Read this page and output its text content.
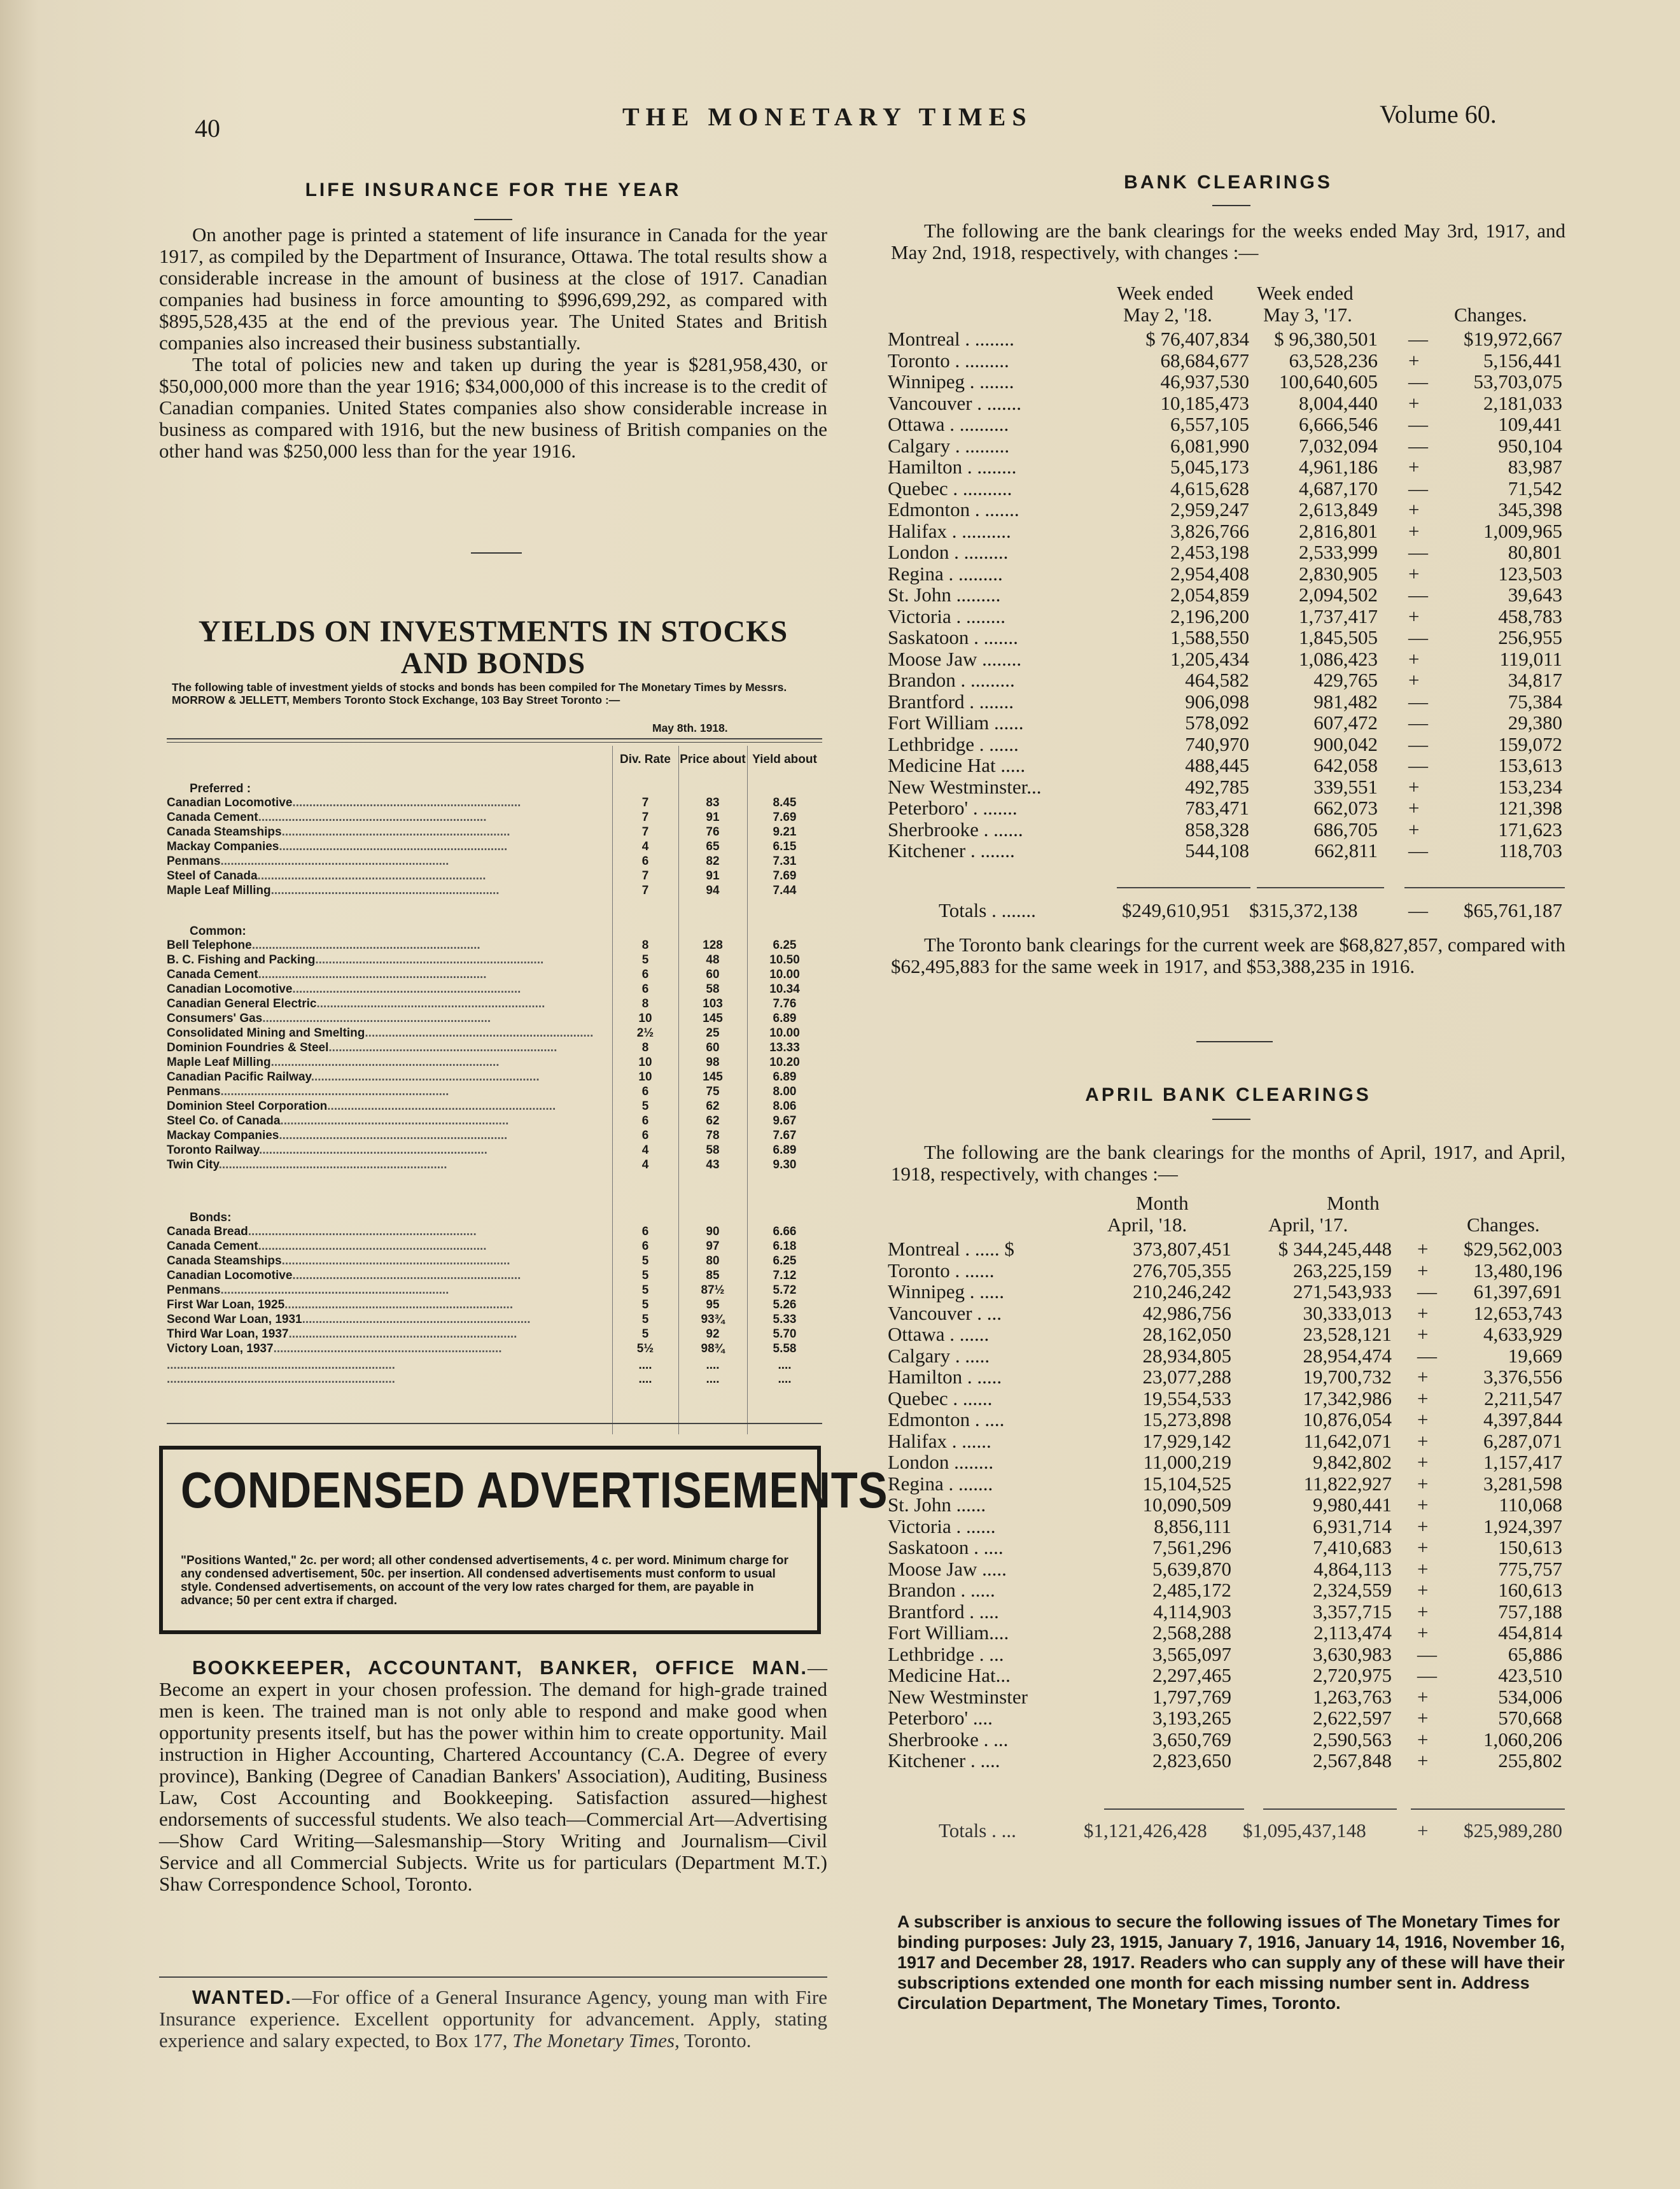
40	THE MONETARY TIMES	Volume 60.
LIFE INSURANCE FOR THE YEAR

On another page is printed a statement of life insurance in Canada for the year 1917, as compiled by the Department of Insurance, Ottawa. The total results show a considerable increase in the amount of business at the close of 1917. Canadian companies had business in force amounting to $996,699,292, as compared with $895,528,435 at the end of the previous year. The United States and British companies also increased their business substantially.

The total of policies new and taken up during the year is $281,958,430, or $50,000,000 more than the year 1916; $34,000,000 of this increase is to the credit of Canadian companies. United States companies also show considerable increase in business as compared with 1916, but the new business of British companies on the other hand was $250,000 less than for the year 1916.

YIELDS ON INVESTMENTS IN STOCKS
AND BONDS
The following table of investment yields of stocks and bonds has been compiled for The Monetary Times by Messrs. MORROW & JELLETT, Members Toronto Stock Exchange, 103 Bay Street Toronto :—
May 8th. 1918.
Div. Rate Price about Yield about
Preferred :
Canadian Locomotive....................................................................	7	83	8.45
Canada Cement....................................................................	7	91	7.69
Canada Steamships....................................................................	7	76	9.21
Mackay Companies....................................................................	4	65	6.15
Penmans....................................................................	6	82	7.31
Steel of Canada....................................................................	7	91	7.69
Maple Leaf Milling....................................................................	7	94	7.44
Common:
Bell Telephone....................................................................	8	128	6.25
B. C. Fishing and Packing....................................................................	5	48	10.50
Canada Cement....................................................................	6	60	10.00
Canadian Locomotive....................................................................	6	58	10.34
Canadian General Electric....................................................................	8	103	7.76
Consumers' Gas....................................................................	10	145	6.89
Consolidated Mining and Smelting....................................................................	2½	25	10.00
Dominion Foundries & Steel....................................................................	8	60	13.33
Maple Leaf Milling....................................................................	10	98	10.20
Canadian Pacific Railway....................................................................	10	145	6.89
Penmans....................................................................	6	75	8.00
Dominion Steel Corporation....................................................................	5	62	8.06
Steel Co. of Canada....................................................................	6	62	9.67
Mackay Companies....................................................................	6	78	7.67
Toronto Railway....................................................................	4	58	6.89
Twin City....................................................................	4	43	9.30
Bonds:
Canada Bread....................................................................	6	90	6.66
Canada Cement....................................................................	6	97	6.18
Canada Steamships....................................................................	5	80	6.25
Canadian Locomotive....................................................................	5	85	7.12
Penmans....................................................................	5	87½	5.72
First War Loan, 1925....................................................................	5	95	5.26
Second War Loan, 1931....................................................................	5	93¾	5.33
Third War Loan, 1937....................................................................	5	92	5.70
Victory Loan, 1937....................................................................	5½	98¾	5.58
....................................................................
....................................................................
....	....	....
....	....	....
CONDENSED ADVERTISEMENTS
"Positions Wanted," 2c. per word; all other condensed advertisements, 4 c. per word. Minimum charge for any condensed advertisement, 50c. per insertion. All condensed advertisements must conform to usual style. Condensed advertisements, on account of the very low rates charged for them, are payable in advance; 50 per cent extra if charged.

BOOKKEEPER, ACCOUNTANT, BANKER, OFFICE MAN.—Become an expert in your chosen profession. The demand for high-grade trained men is keen. The trained man is not only able to respond and make good when opportunity presents itself, but has the power within him to create opportunity. Mail instruction in Higher Accounting, Chartered Accountancy (C.A. Degree of every province), Banking (Degree of Canadian Bankers' Association), Auditing, Business Law, Cost Accounting and Bookkeeping. Satisfaction assured—highest endorsements of successful students. We also teach—Commercial Art—Advertising—Show Card Writing—Salesmanship—Story Writing and Journalism—Civil Service and all Commercial Subjects. Write us for particulars (Department M.T.) Shaw Correspondence School, Toronto.

WANTED.—For office of a General Insurance Agency, young man with Fire Insurance experience. Excellent opportunity for advancement. Apply, stating experience and salary expected, to Box 177, The Monetary Times, Toronto.

BANK CLEARINGS

The following are the bank clearings for the weeks ended May 3rd, 1917, and May 2nd, 1918, respectively, with changes :—

Week ended Week ended
May 2, '18.	May 3, '17.	Changes.
Montreal . ........	$ 76,407,834 $ 96,380,501 — $19,972,667
Toronto . .........	68,684,677 63,528,236 +	5,156,441
Winnipeg . .......	46,937,530 100,640,605 — 53,703,075
Vancouver . .......	10,185,473	8,004,440 +	2,181,033
Ottawa . ..........	6,557,105	6,666,546 —	109,441
Calgary . .........	6,081,990	7,032,094 —	950,104
Hamilton . ........	5,045,173	4,961,186 +	83,987
Quebec . ..........	4,615,628	4,687,170 —	71,542
Edmonton . .......	2,959,247	2,613,849 +	345,398
Halifax . ..........	3,826,766	2,816,801 +	1,009,965
London . .........	2,453,198	2,533,999 —	80,801
Regina . .........	2,954,408	2,830,905 +	123,503
St. John .........	2,054,859	2,094,502 —	39,643
Victoria . ........	2,196,200	1,737,417 +	458,783
Saskatoon . .......	1,588,550	1,845,505 —	256,955
Moose Jaw ........	1,205,434	1,086,423 +	119,011
Brandon . .........	464,582	429,765 +	34,817
Brantford . .......	906,098	981,482 —	75,384
Fort William ......	578,092	607,472 —	29,380
Lethbridge . ......	740,970	900,042 —	159,072
Medicine Hat .....	488,445	642,058 —	153,613
New Westminster...	492,785	339,551 +	153,234
Peterboro' . .......	783,471	662,073 +	121,398
Sherbrooke . ......	858,328	686,705 +	171,623
Kitchener . .......	544,108	662,811 —	118,703
Totals . .......	$249,610,951 $315,372,138	— $65,761,187

The Toronto bank clearings for the current week are $68,827,857, compared with $62,495,883 for the same week in 1917, and $53,388,235 in 1916.

APRIL BANK CLEARINGS

The following are the bank clearings for the months of April, 1917, and April, 1918, respectively, with changes :—

Month	Month
April, '18.	April, '17.	Changes.
Montreal . ..... $	373,807,451 $ 344,245,448 + $29,562,003
Toronto . ......	276,705,355	263,225,159 + 13,480,196
Winnipeg . .....	210,246,242	271,543,933 — 61,397,691
Vancouver . ...	42,986,756	30,333,013 + 12,653,743
Ottawa . ......	28,162,050	23,528,121 +	4,633,929
Calgary . .....	28,934,805	28,954,474 —	19,669
Hamilton . .....	23,077,288	19,700,732 +	3,376,556
Quebec . ......	19,554,533	17,342,986 +	2,211,547
Edmonton . ....	15,273,898	10,876,054 +	4,397,844
Halifax . ......	17,929,142	11,642,071 +	6,287,071
London ........	11,000,219	9,842,802 +	1,157,417
Regina . .......	15,104,525	11,822,927 +	3,281,598
St. John ......	10,090,509	9,980,441 +	110,068
Victoria . ......	8,856,111	6,931,714 +	1,924,397
Saskatoon . ....	7,561,296	7,410,683 +	150,613
Moose Jaw .....	5,639,870	4,864,113 +	775,757
Brandon . .....	2,485,172	2,324,559 +	160,613
Brantford . ....	4,114,903	3,357,715 +	757,188
Fort William....	2,568,288	2,113,474 +	454,814
Lethbridge . ...	3,565,097	3,630,983 —	65,886
Medicine Hat...	2,297,465	2,720,975 —	423,510
New Westminster	1,797,769	1,263,763 +	534,006
Peterboro' ....	3,193,265	2,622,597 +	570,668
Sherbrooke . ...	3,650,769	2,590,563 +	1,060,206
Kitchener . ....	2,823,650	2,567,848 +	255,802
Totals . ...	$1,121,426,428 $1,095,437,148	+ $25,989,280
A subscriber is anxious to secure the following issues of The Monetary Times for binding purposes: July 23, 1915, January 7, 1916, January 14, 1916, November 16, 1917 and December 28, 1917. Readers who can supply any of these will have their subscriptions extended one month for each missing number sent in. Address Circulation Department, The Monetary Times, Toronto.
